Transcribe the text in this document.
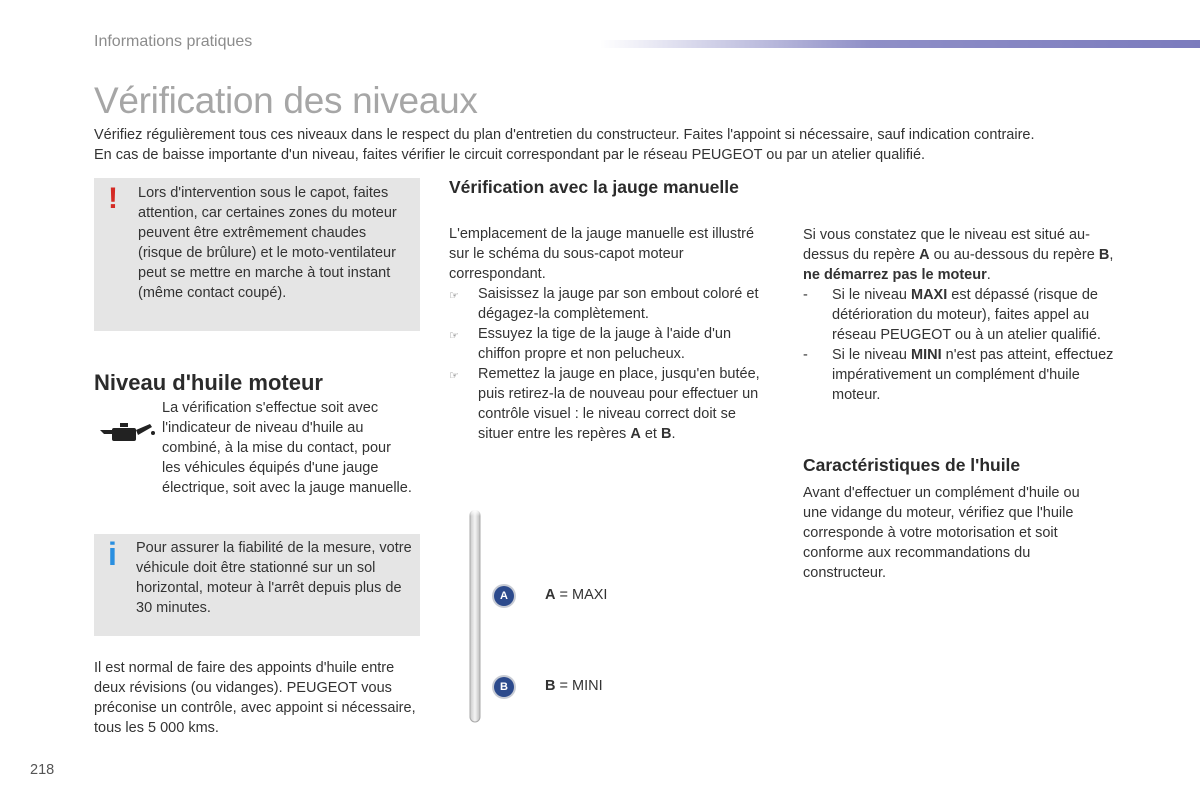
Informations pratiques
Vérification des niveaux

Vérifiez régulièrement tous ces niveaux dans le respect du plan d'entretien du constructeur. Faites l'appoint si nécessaire, sauf indication contraire.

En cas de baisse importante d'un niveau, faites vérifier le circuit correspondant par le réseau PEUGEOT ou par un atelier qualifié.

! Lors d'intervention sous le capot, faites attention, car certaines zones du moteur peuvent être extrêmement chaudes (risque de brûlure) et le moto-ventilateur peut se mettre en marche à tout instant (même contact coupé).
Niveau d'huile moteur

La vérification s'effectue soit avec l'indicateur de niveau d'huile au combiné, à la mise du contact, pour les véhicules équipés d'une jauge électrique, soit avec la jauge manuelle.

i Pour assurer la fiabilité de la mesure, votre véhicule doit être stationné sur un sol horizontal, moteur à l'arrêt depuis plus de 30 minutes.

Il est normal de faire des appoints d'huile entre deux révisions (ou vidanges). PEUGEOT vous préconise un contrôle, avec appoint si nécessaire, tous les 5 000 kms.

Vérification avec la jauge manuelle

L'emplacement de la jauge manuelle est illustré sur le schéma du sous-capot moteur correspondant.

☞	Saisissez la jauge par son embout coloré et dégagez-la complètement.
☞	Essuyez la tige de la jauge à l'aide d'un chiffon propre et non pelucheux.
☞	Remettez la jauge en place, jusqu'en butée, puis retirez-la de nouveau pour effectuer un contrôle visuel : le niveau correct doit se situer entre les repères A et B.
A
B
A = MAXI
B = MINI

Si vous constatez que le niveau est situé au-dessus du repère A ou au-dessous du repère B, ne démarrez pas le moteur.

-	Si le niveau MAXI est dépassé (risque de détérioration du moteur), faites appel au réseau PEUGEOT ou à un atelier qualifié.
-	Si le niveau MINI n'est pas atteint, effectuez impérativement un complément d'huile moteur.
Caractéristiques de l'huile

Avant d'effectuer un complément d'huile ou une vidange du moteur, vérifiez que l'huile corresponde à votre motorisation et soit conforme aux recommandations du constructeur.

218
